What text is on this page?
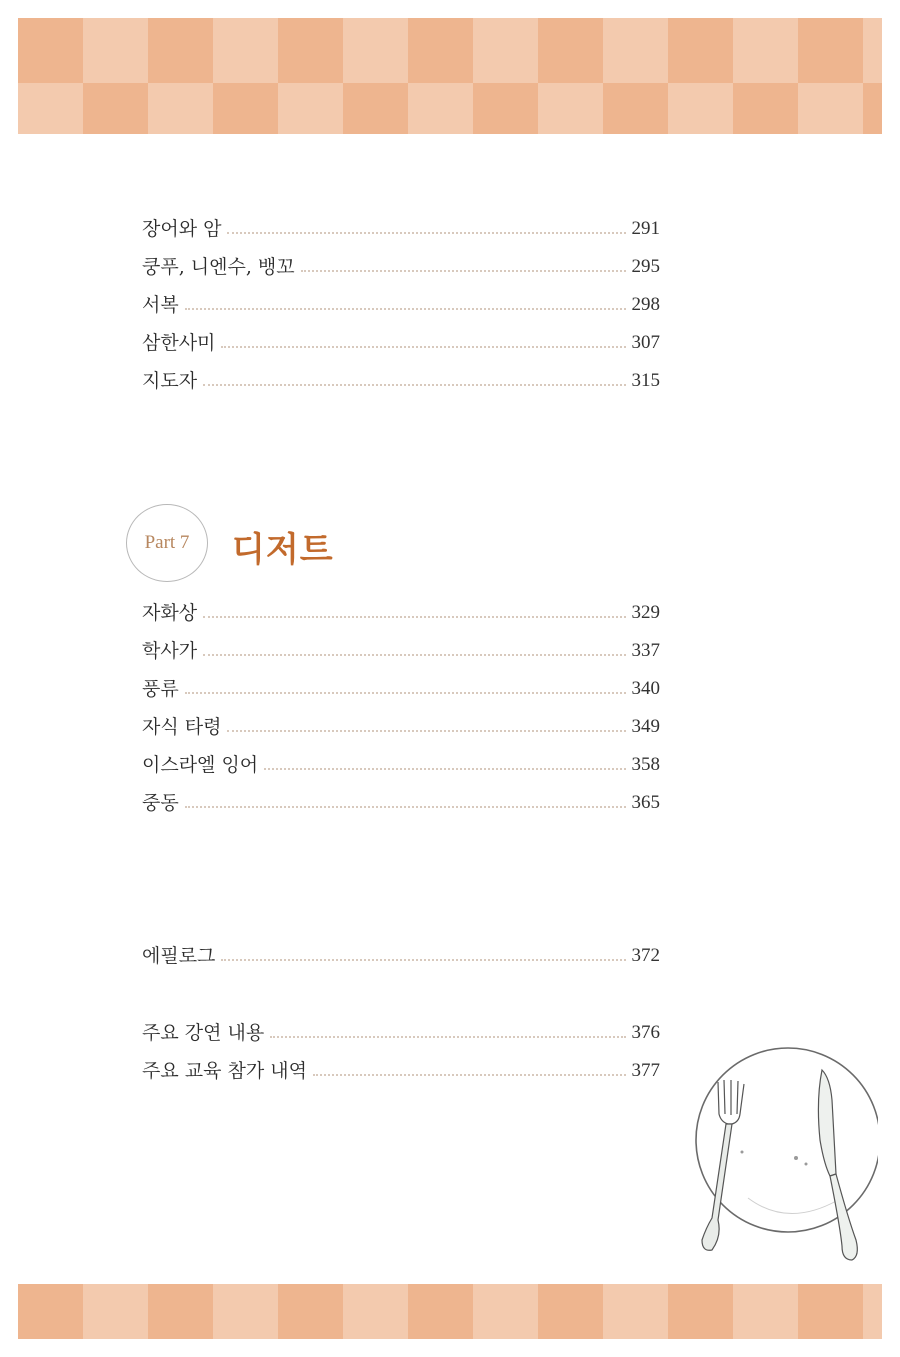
장어와 암	291
쿵푸, 니엔수, 뱅꼬	295
서복	298
삼한사미	307
지도자	315
Part 7 디저트
자화상	329
학사가	337
풍류	340
자식 타령	349
이스라엘 잉어	358
중동	365
에필로그	372
주요 강연 내용	376
주요 교육 참가 내역	377
